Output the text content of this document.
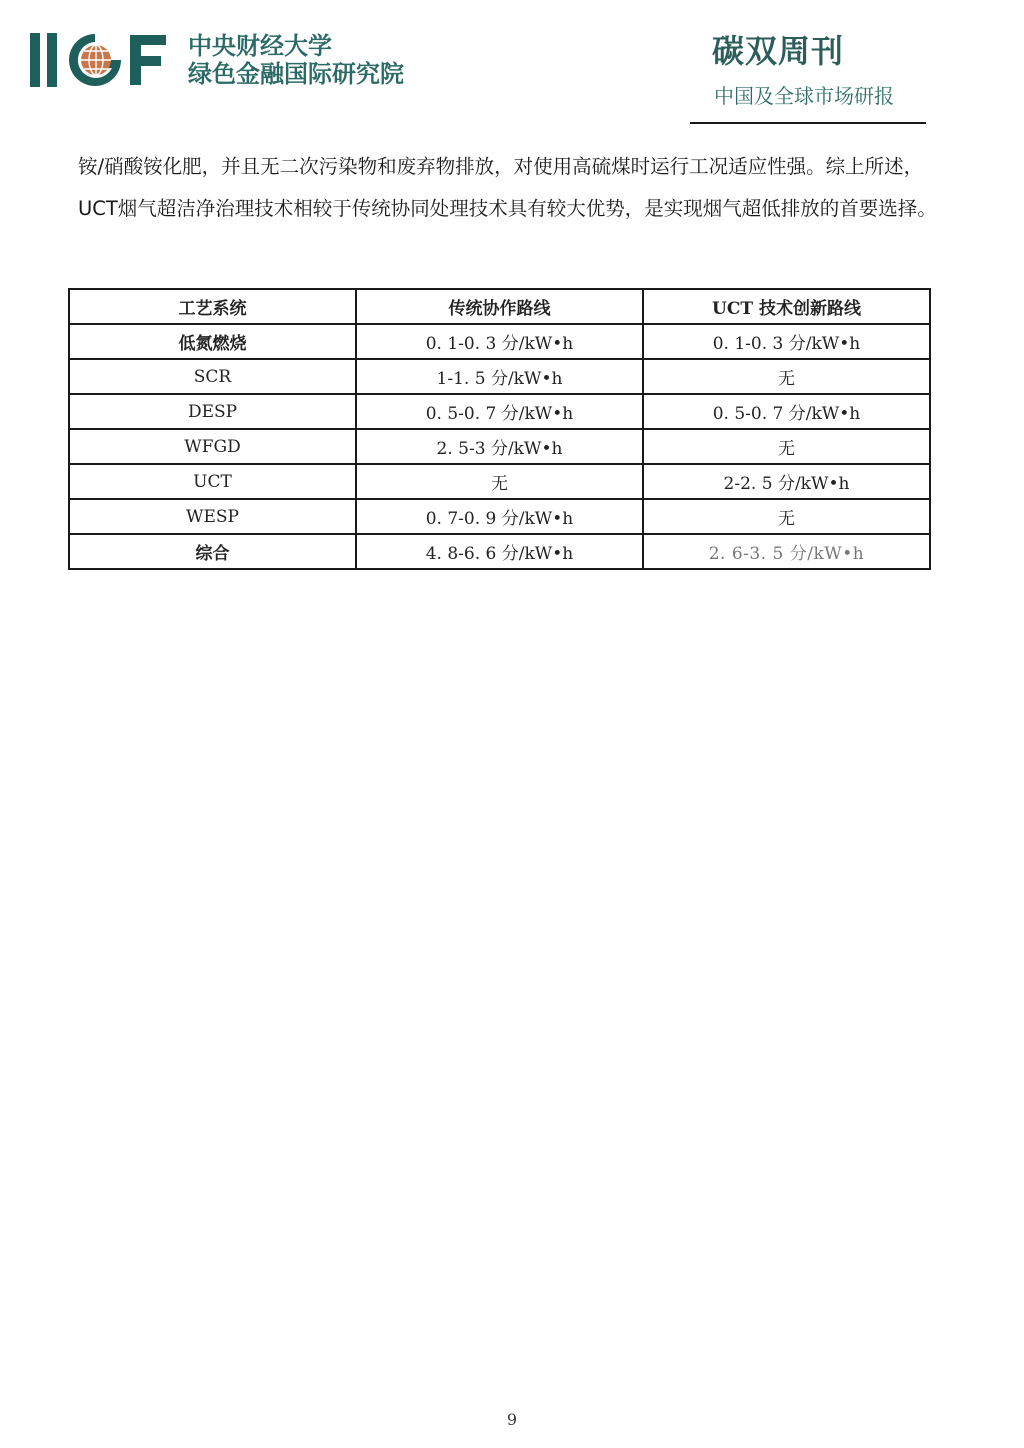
中央财经大学
绿色金融国际研究院
碳双周刊
中国及全球市场研报
铵/硝酸铵化肥，并且无二次污染物和废弃物排放，对使用高硫煤时运行工况适应性强。综上所述，UCT烟气超洁净治理技术相较于传统协同处理技术具有较大优势，是实现烟气超低排放的首要选择。
工艺系统	传统协作路线	UCT 技术创新路线
低氮燃烧	0. 1-0. 3 分/kW•h	0. 1-0. 3 分/kW•h
SCR	1-1. 5 分/kW•h	无
DESP	0. 5-0. 7 分/kW•h	0. 5-0. 7 分/kW•h
WFGD	2. 5-3 分/kW•h	无
UCT	无	2-2. 5 分/kW•h
WESP	0. 7-0. 9 分/kW•h	无
综合	4. 8-6. 6 分/kW•h	2. 6-3. 5 分/kW•h
9
